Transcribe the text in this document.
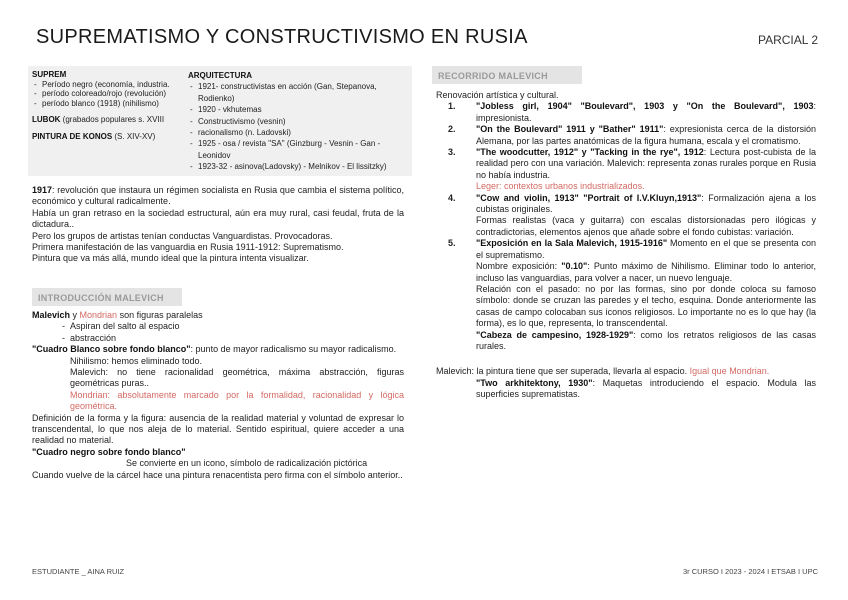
SUPREMATISMO Y CONSTRUCTIVISMO EN RUSIA	PARCIAL 2
SUPREM
- Período negro (economía, industria.
- período coloreado/rojo (revolución)
- período blanco (1918) (nihilismo)
LUBOK (grabados populares s. XVIII
PINTURA DE KONOS (S. XIV-XV)
ARQUITECTURA
- 1921- constructivistas en acción (Gan, Stepanova, Rodienko)
- 1920 - vkhutemas
- Constructivismo (vesnin)
- racionalismo (n. Ladovski)
- 1925 - osa / revista "SA" (Ginzburg - Vesnin - Gan - Leonidov
- 1923-32 - asinova(Ladovsky) - Melnikov - El lissitzky)
1917: revolución que instaura un régimen socialista en Rusia que cambia el sistema político, económico y cultural radicalmente.
Había un gran retraso en la sociedad estructural, aún era muy rural, casi feudal, fruta de la dictadura..
Pero los grupos de artistas tenían conductas Vanguardistas. Provocadoras.
Primera manifestación de las vanguardia en Rusia 1911-1912: Suprematismo.
Pintura que va más allá, mundo ideal que la pintura intenta visualizar.
INTRODUCCIÓN MALEVICH
Malevich y Mondrian son figuras paralelas
- Aspiran del salto al espacio
- abstracción
"Cuadro Blanco sobre fondo blanco": punto de mayor radicalismo su mayor radicalismo.
Nihilismo: hemos eliminado todo.
Malevich: no tiene racionalidad geométrica, máxima abstracción, figuras geométricas puras..
Mondrian: absolutamente marcado por la formalidad, racionalidad y lógica geométrica.
Definición de la forma y la figura: ausencia de la realidad material y voluntad de expresar lo transcendental, lo que nos aleja de lo material. Sentido espiritual, quiere acceder a una realidad no material.
"Cuadro negro sobre fondo blanco"
Se convierte en un icono, símbolo de radicalización pictórica
Cuando vuelve de la cárcel hace una pintura renacentista pero firma con el símbolo anterior..
RECORRIDO MALEVICH
Renovación artística y cultural.
1. "Jobless girl, 1904" "Boulevard", 1903 y "On the Boulevard", 1903: impresionista.
2. "On the Boulevard" 1911 y "Bather" 1911": expresionista cerca de la distorsión Alemana, por las partes anatómicas de la figura humana, escala y el cromatismo.
3. "The woodcutter, 1912" y "Tacking in the rye", 1912: Lectura post-cubista de la realidad pero con una variación. Malevich: representa zonas rurales porque en Rusia no había industria.
Leger: contextos urbanos industrializados.
4. "Cow and violin, 1913" "Portrait of I.V.Kluyn,1913": Formalización ajena a los cubistas originales.
Formas realistas (vaca y guitarra) con escalas distorsionadas pero ilógicas y contradictorias, elementos ajenos que añade sobre el fondo cubistas: variación.
5. "Exposición en la Sala Malevich, 1915-1916" Momento en el que se presenta con el suprematismo.
Nombre exposición: "0.10": Punto máximo de Nihilismo. Eliminar todo lo anterior, incluso las vanguardias, para volver a nacer, un nuevo lenguaje.
Relación con el pasado: no por las formas, sino por donde coloca su famoso símbolo: donde se cruzan las paredes y el techo, esquina. Donde anteriormente las casas de campo colocaban sus iconos religiosos. Lo importante no es lo que hay (la forma), es lo que, representa, lo transcendental.
"Cabeza de campesino, 1928-1929": como los retratos religiosos de las casas rurales.
Malevich: la pintura tiene que ser superada, llevarla al espacio. Igual que Mondrian.
"Two arkhitektony, 1930": Maquetas introduciendo el espacio. Modula las superficies suprematistas.
ESTUDIANTE _ AINA RUIZ	3r CURSO I 2023 - 2024 I ETSAB I UPC
